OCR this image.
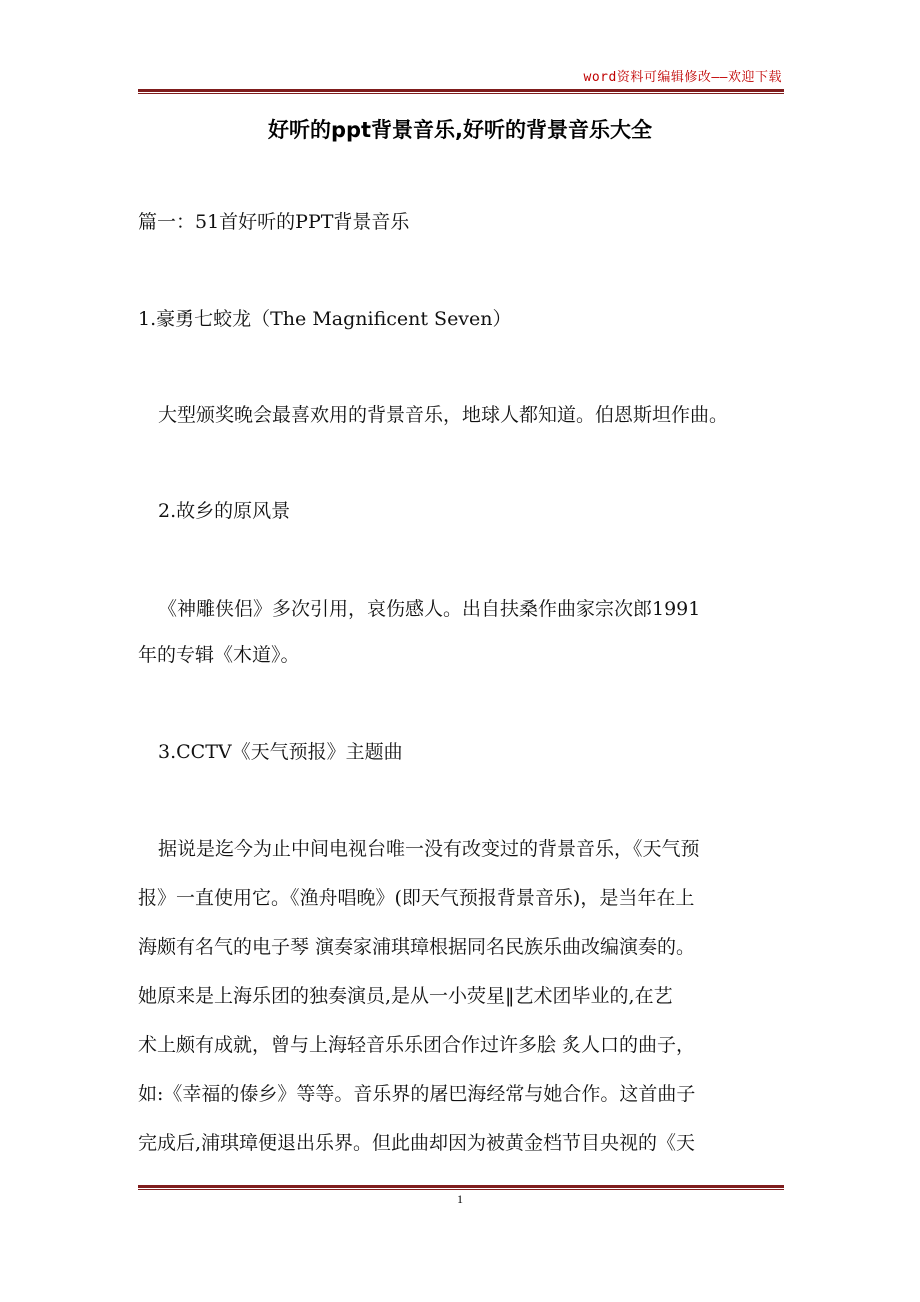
word资料可编辑修改——欢迎下载
好听的ppt背景音乐,好听的背景音乐大全
篇一：51首好听的PPT背景音乐
1.豪勇七蛟龙（The Magnificent Seven）
大型颁奖晚会最喜欢用的背景音乐，地球人都知道。伯恩斯坦作曲。
2.故乡的原风景
《神雕侠侣》多次引用，哀伤感人。出自扶桑作曲家宗次郎1991
年的专辑《木道》。
3.CCTV《天气预报》主题曲
据说是迄今为止中间电视台唯一没有改变过的背景音乐，《天气预
报》一直使用它。《渔舟唱晚》(即天气预报背景音乐)，是当年在上
海颇有名气的电子琴 演奏家浦琪璋根据同名民族乐曲改编演奏的。
她原来是上海乐团的独奏演员,是从一小荧星‖艺术团毕业的,在艺
术上颇有成就，曾与上海轻音乐乐团合作过许多脍 炙人口的曲子，
如:《幸福的傣乡》等等。音乐界的屠巴海经常与她合作。这首曲子
完成后,浦琪璋便退出乐界。但此曲却因为被黄金档节目央视的《天
1
